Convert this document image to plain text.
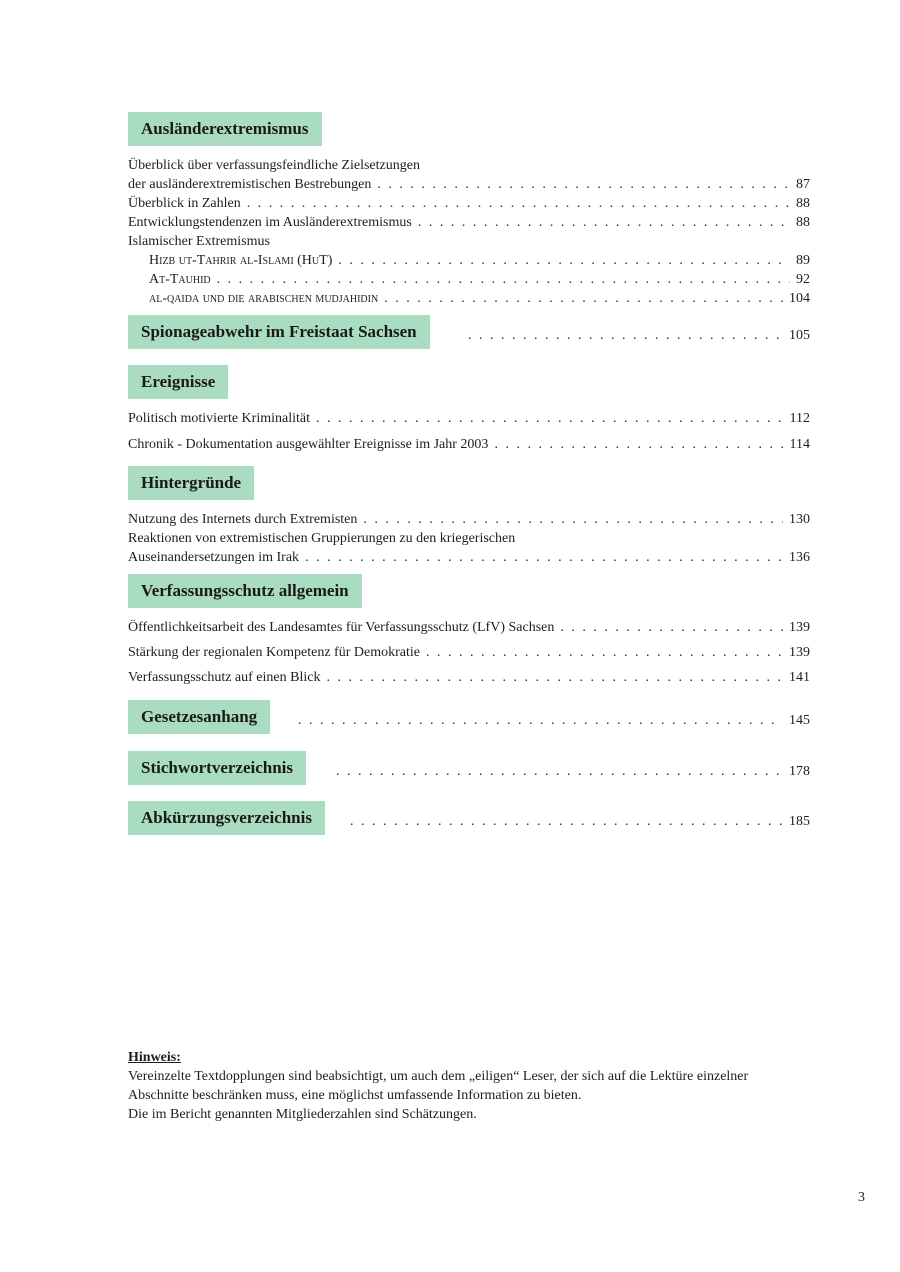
Ausländerextremismus
Überblick über verfassungsfeindliche Zielsetzungen
der ausländerextremistischen Bestrebungen . . .	87
Überblick in Zahlen . . .	88
Entwicklungstendenzen im Ausländerextremismus . . .	88
Islamischer Extremismus
Hizb ut-Tahrir al-Islami (HuT) . . .	89
At-Tauhid . . .	92
al-qaida und die arabischen mudjahidin . . .	104
Spionageabwehr im Freistaat Sachsen . . .	105
Ereignisse
Politisch motivierte Kriminalität . . .	112
Chronik - Dokumentation ausgewählter Ereignisse im Jahr 2003 . . .	114
Hintergründe
Nutzung des Internets durch Extremisten . . .	130
Reaktionen von extremistischen Gruppierungen zu den kriegerischen
Auseinandersetzungen im Irak . . .	136
Verfassungsschutz allgemein
Öffentlichkeitsarbeit des Landesamtes für Verfassungsschutz (LfV) Sachsen . . .	139
Stärkung der regionalen Kompetenz für Demokratie . . .	139
Verfassungsschutz auf einen Blick . . .	141
Gesetzesanhang . . .	145
Stichwortverzeichnis . . .	178
Abkürzungsverzeichnis . . .	185
Hinweis:
Vereinzelte Textdopplungen sind beabsichtigt, um auch dem „eiligen“ Leser, der sich auf die Lektüre einzelner
Abschnitte beschränken muss, eine möglichst umfassende Information zu bieten.
Die im Bericht genannten Mitgliederzahlen sind Schätzungen.
3
